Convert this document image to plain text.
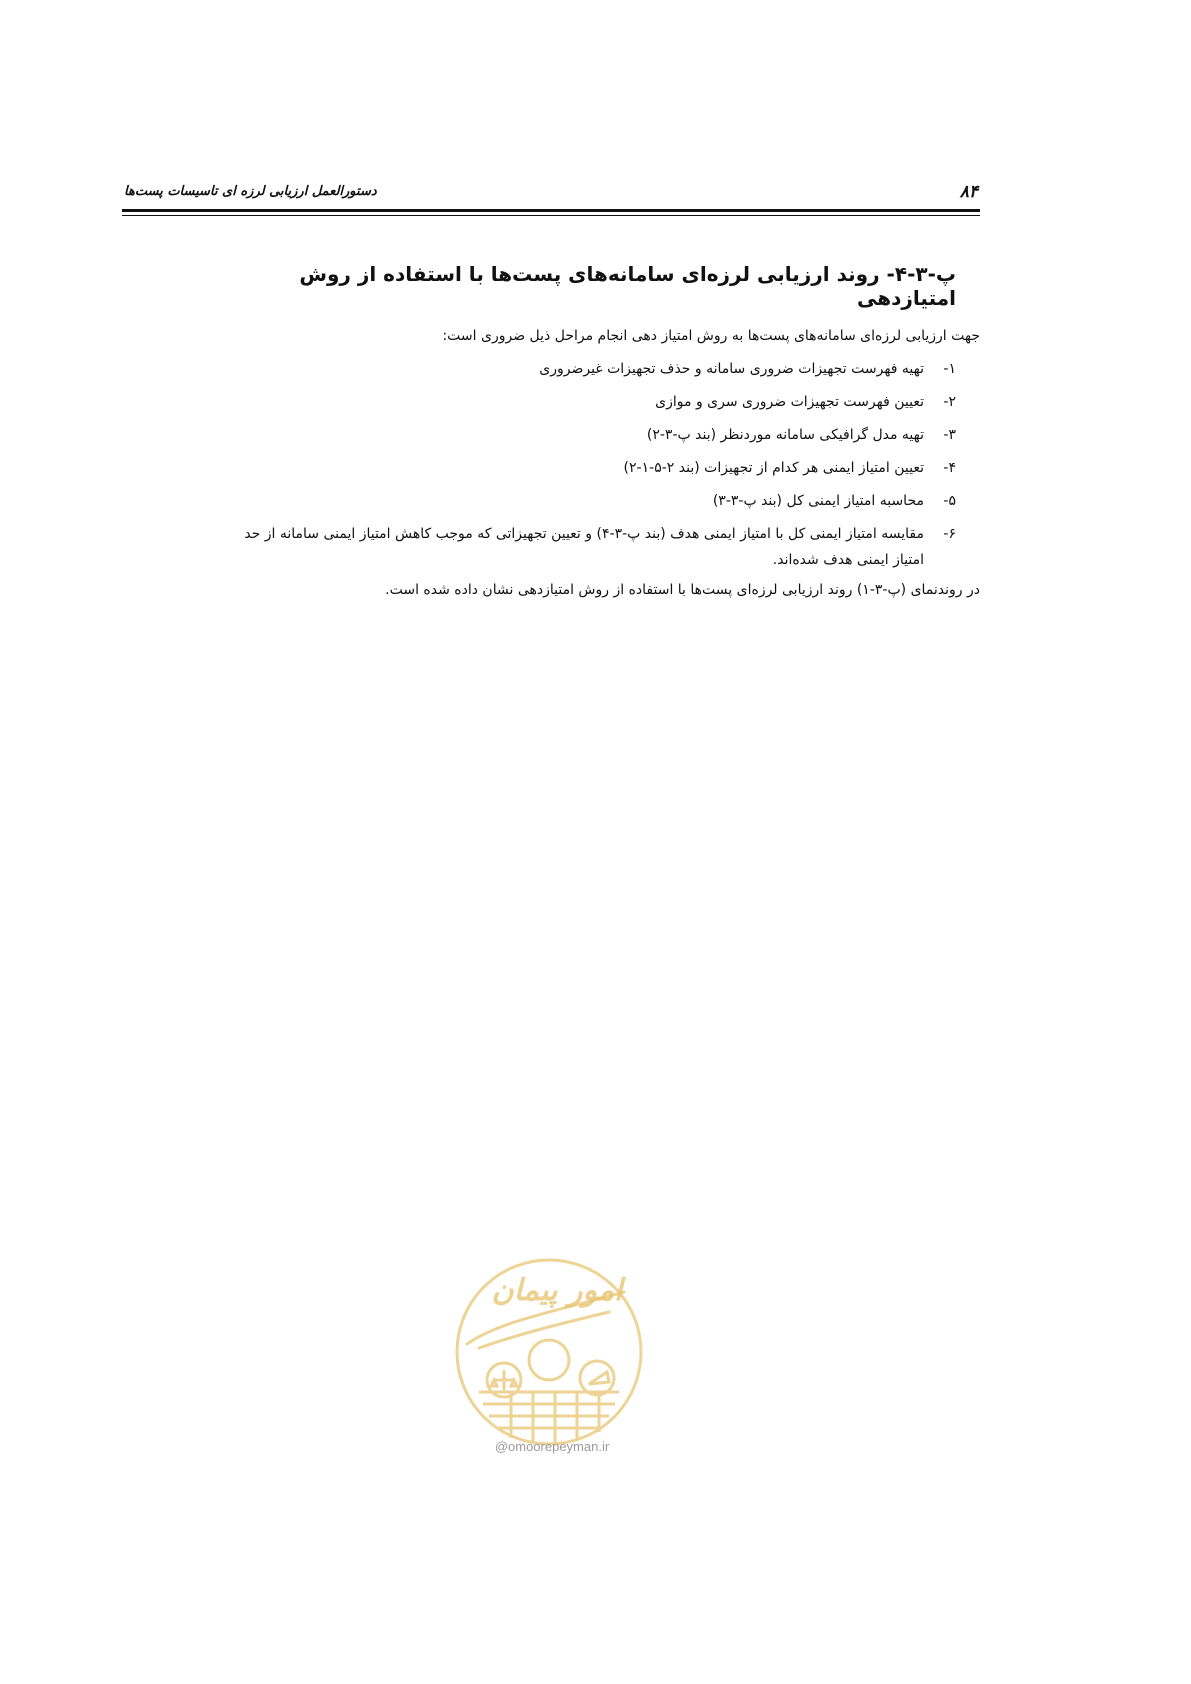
۸۴
دستورالعمل ارزیابی لرزه ای تاسیسات پست‌ها
پ-۳-۴- روند ارزیابی لرزه‌ای سامانه‌های پست‌ها با استفاده از روش امتیازدهی

جهت ارزیابی لرزه‌ای سامانه‌های پست‌ها به روش امتیاز دهی انجام مراحل ذیل ضروری است:

۱-
تهیه فهرست تجهیزات ضروری سامانه و حذف تجهیزات غیرضروری
۲-
تعیین فهرست تجهیزات ضروری سری و موازی
۳-
تهیه مدل گرافیکی سامانه موردنظر (بند پ-۳-۲)
۴-
تعیین امتیاز ایمنی هر کدام از تجهیزات (بند ۲-۵-۱-۲)
۵-
محاسبه امتیاز ایمنی کل (بند پ-۳-۳)
۶-
مقایسه امتیاز ایمنی کل با امتیاز ایمنی هدف (بند پ-۳-۴) و تعیین تجهیزاتی که موجب کاهش امتیاز ایمنی سامانه از حد
امتیاز ایمنی هدف شده‌اند.

در روندنمای (پ-۳-۱) روند ارزیابی لرزه‌ای پست‌ها با استفاده از روش امتیازدهی نشان داده شده است.

امور پیمان
@omoorepeyman.ir
